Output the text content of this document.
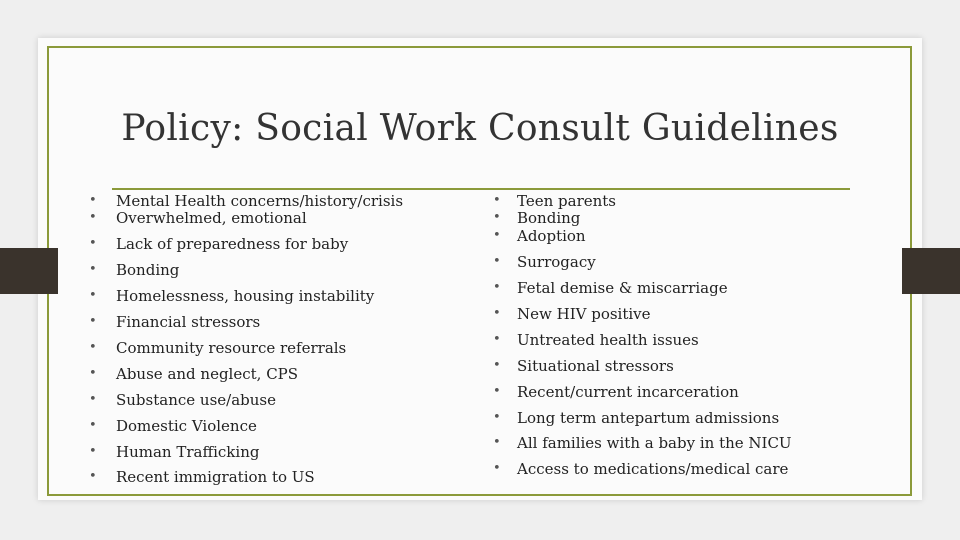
Policy: Social Work Consult Guidelines
• Mental Health concerns/history/crisis
• Overwhelmed, emotional
• Lack of preparedness for baby
• Bonding
• Homelessness, housing instability
• Financial stressors
• Community resource referrals
• Abuse and neglect, CPS
• Substance use/abuse
• Domestic Violence
• Human Trafficking
• Recent immigration to US
• Teen parents
• Bonding
• Adoption
• Surrogacy
• Fetal demise & miscarriage
• New HIV positive
• Untreated health issues
• Situational stressors
• Recent/current incarceration
• Long term antepartum admissions
• All families with a baby in the NICU
• Access to medications/medical care
